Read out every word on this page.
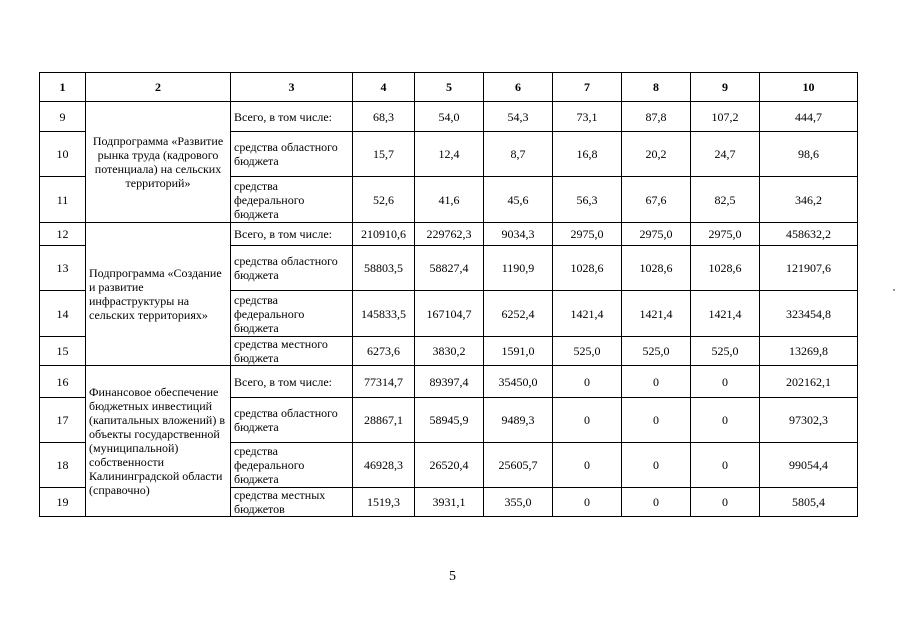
1	2	3	4	5	6	7	8	9	10
9	Подпрограмма «Развитие рынка труда (кадрового потенциала) на сельских территорий»	Всего, в том числе:	68,3	54,0	54,3	73,1	87,8	107,2	444,7
10		средства областного бюджета	15,7	12,4	8,7	16,8	20,2	24,7	98,6
11		средства федерального бюджета	52,6	41,6	45,6	56,3	67,6	82,5	346,2
12	Подпрограмма «Создание и развитие инфраструктуры на сельских территориях»	Всего, в том числе:	210910,6	229762,3	9034,3	2975,0	2975,0	2975,0	458632,2
13		средства областного бюджета	58803,5	58827,4	1190,9	1028,6	1028,6	1028,6	121907,6
14		средства федерального бюджета	145833,5	167104,7	6252,4	1421,4	1421,4	1421,4	323454,8
15		средства местного бюджета	6273,6	3830,2	1591,0	525,0	525,0	525,0	13269,8
16	Финансовое обеспечение бюджетных инвестиций (капитальных вложений) в объекты государственной (муниципальной) собственности Калининградской области (справочно)	Всего, в том числе:	77314,7	89397,4	35450,0	0	0	0	202162,1
17		средства областного бюджета	28867,1	58945,9	9489,3	0	0	0	97302,3
18		средства федерального бюджета	46928,3	26520,4	25605,7	0	0	0	99054,4
19		средства местных бюджетов	1519,3	3931,1	355,0	0	0	0	5805,4
5
